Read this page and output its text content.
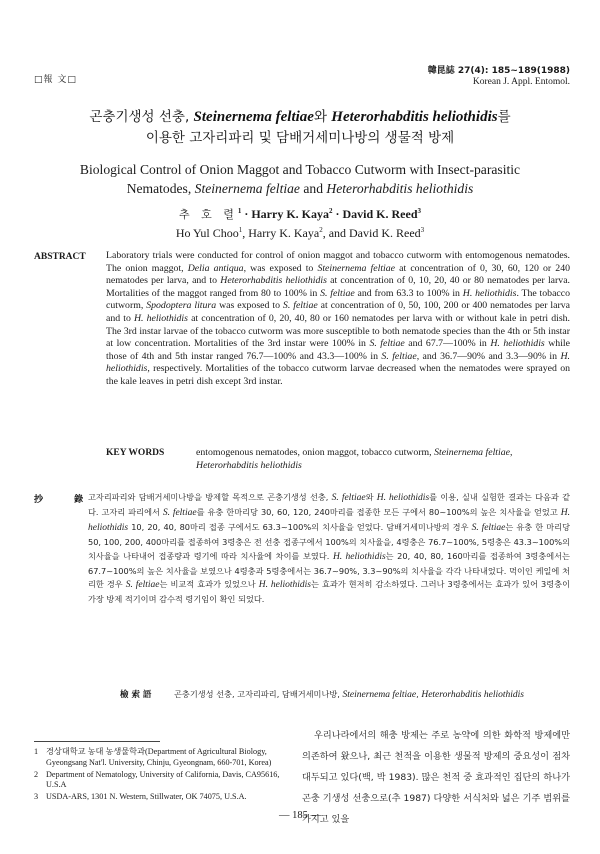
□報 文□
韓昆誌 27(4): 185~189(1988)
Korean J. Appl. Entomol.
곤충기생성 선충, Steinernema feltiae와 Heterorhabditis heliothidis를
이용한 고자리파리 및 담배거세미나방의 생물적 방제
Biological Control of Onion Maggot and Tobacco Cutworm with Insect-parasitic
Nematodes, Steinernema feltiae and Heterorhabditis heliothidis
추 호 렬$^1$ · Harry K. Kaya$^2$ · David K. Reed$^3$
Ho Yul Choo$^1$, Harry K. Kaya$^2$, and David K. Reed$^3$
ABSTRACT Laboratory trials were conducted for control of onion maggot and tobacco cutworm with entomogenous nematodes. The onion maggot, Delia antiqua, was exposed to Steinernema feltiae at concentration of 0, 30, 60, 120 or 240 nematodes per larva, and to Heterorhabditis heliothidis at concentration of 0, 10, 20, 40 or 80 nematodes per larva. Mortalities of the maggot ranged from 80 to 100% in S. feltiae and from 63.3 to 100% in H. heliothidis. The tobacco cutworm, Spodoptera litura was exposed to S. feltiae at concentration of 0, 50, 100, 200 or 400 nematodes per larva and to H. heliothidis at concentration of 0, 20, 40, 80 or 160 nematodes per larva with or without kale in petri dish. The 3rd instar larvae of the tobacco cutworm was more susceptible to both nematode species than the 4th or 5th instar at low concentration. Mortalities of the 3rd instar were 100% in S. feltiae and 67.7—100% in H. heliothidis while those of 4th and 5th instar ranged 76.7—100% and 43.3—100% in S. feltiae, and 36.7—90% and 3.3—90% in H. heliothidis, respectively. Mortalities of the tobacco cutworm larvae decreased when the nematodes were sprayed on the kale leaves in petri dish except 3rd instar.
KEY WORDS	entomogenous nematodes, onion maggot, tobacco cutworm, Steinernema feltiae, Heterorhabditis heliothidis
抄 錄
고자리파리와 담배거세미나방을 방제할 목적으로 곤충기생성 선충, S. feltiae와 H. heliothidis를 이용, 실내 실험한 결과는 다음과 같다. 고자리 파리에서 S. feltiae를 유충 한마리당 30, 60, 120, 240마리를 접종한 모든 구에서 80~100%의 높은 치사율을 얻었고 H. heliothidis 10, 20, 40, 80마리 접종 구에서도 63.3~100%의 치사율을 얻었다. 담배거세미나방의 경우 S. feltiae는 유충 한 마리당 50, 100, 200, 400마리를 접종하여 3령충은 전 선충 접종구에서 100%의 치사율을, 4령충은 76.7~100%, 5령충은 43.3~100%의 치사율을 나타내어 접종량과 령기에 따라 치사율에 차이를 보였다. H. heliothidis는 20, 40, 80, 160마리를 접종하여 3령충에서는 67.7~100%의 높은 치사율을 보였으나 4령충과 5령충에서는 36.7~90%, 3.3~90%의 치사율을 각각 나타내었다. 먹이인 케일에 처리한 경우 S. feltiae는 비교적 효과가 있었으나 H. heliothidis는 효과가 현저히 감소하였다. 그러나 3령충에서는 효과가 있어 3령충이 가장 방제 적기이며 감수적 령기임이 확인 되었다.
檢 索 語	곤충기생성 선충, 고자리파리, 담배거세미나방, Steinernema feltiae, Heterorhabditis heliothidis
1 경상대학교 농대 농생물학과(Department of Agricultural Biology, Gyeongsang Nat'l. University, Chinju, Gyeongnam, 660-701, Korea)
2 Department of Nematology, University of California, Davis, CA95616, U.S.A
3 USDA-ARS, 1301 N. Western, Stillwater, OK 74075, U.S.A.

우리나라에서의 해충 방제는 주로 농약에 의한 화학적 방제에만 의존하여 왔으나, 최근 천적을 이용한 생물적 방제의 중요성이 점차 대두되고 있다(백, 박 1983). 많은 천적 중 효과적인 집단의 하나가 곤충 기생성 선충으로(추 1987) 다양한 서식처와 넓은 기주 범위를 가지고 있을

— 185 —
